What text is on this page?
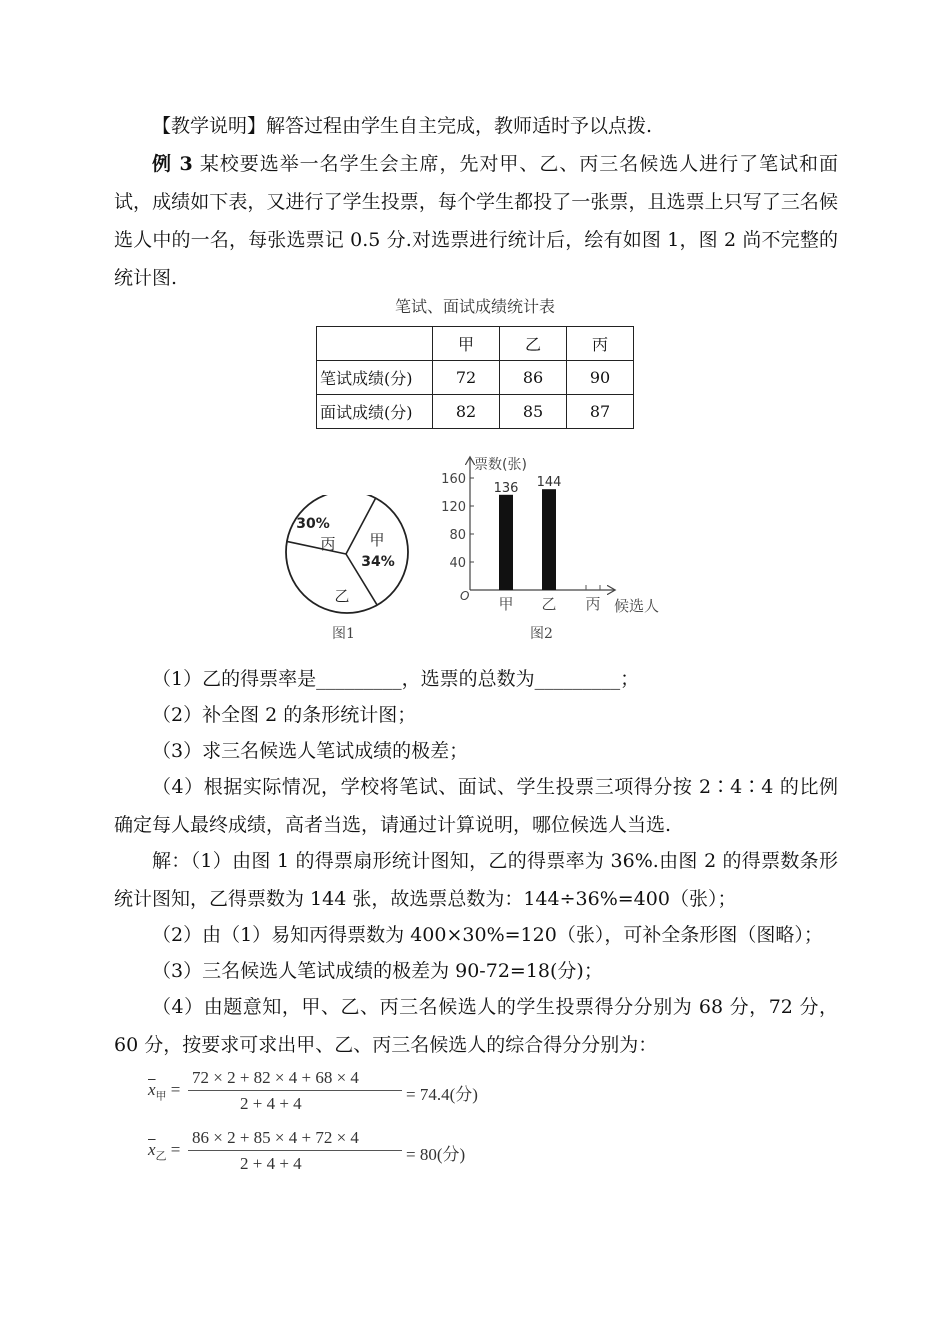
【教学说明】解答过程由学生自主完成，教师适时予以点拨.

例 3 某校要选举一名学生会主席，先对甲、乙、丙三名候选人进行了笔试和面试，成绩如下表，又进行了学生投票，每个学生都投了一张票，且选票上只写了三名候选人中的一名，每张选票记 0.5 分.对选票进行统计后，绘有如图 1，图 2 尚不完整的统计图.

笔试、面试成绩统计表
	甲	乙	丙
笔试成绩(分)	72	86	90
面试成绩(分)	82	85	87
30%
丙 甲
34%
乙
图1
票数(张)
O
40
80
120
160
136
甲
144
乙 丙 候选人
图2

（1）乙的得票率是_________，选票的总数为_________；

（2）补全图 2 的条形统计图；

（3）求三名候选人笔试成绩的极差；

（4）根据实际情况，学校将笔试、面试、学生投票三项得分按 2∶4∶4 的比例确定每人最终成绩，高者当选，请通过计算说明，哪位候选人当选.

解：（1）由图 1 的得票扇形统计图知，乙的得票率为 36%.由图 2 的得票数条形统计图知，乙得票数为 144 张，故选票总数为：144÷36%=400（张）；

（2）由（1）易知丙得票数为 400×30%=120（张），可补全条形图（图略）；

（3）三名候选人笔试成绩的极差为 90-72=18(分)；

（4）由题意知，甲、乙、丙三名候选人的学生投票得分分别为 68 分，72 分，60 分，按要求可求出甲、乙、丙三名候选人的综合得分分别为：

$\overline{x}_甲$ =
72 × 2 + 82 × 4 + 68 × 4
2 + 4 + 4	= 74.4(分)
$\overline{x}_乙$ =
86 × 2 + 85 × 4 + 72 × 4
2 + 4 + 4	= 80(分)
